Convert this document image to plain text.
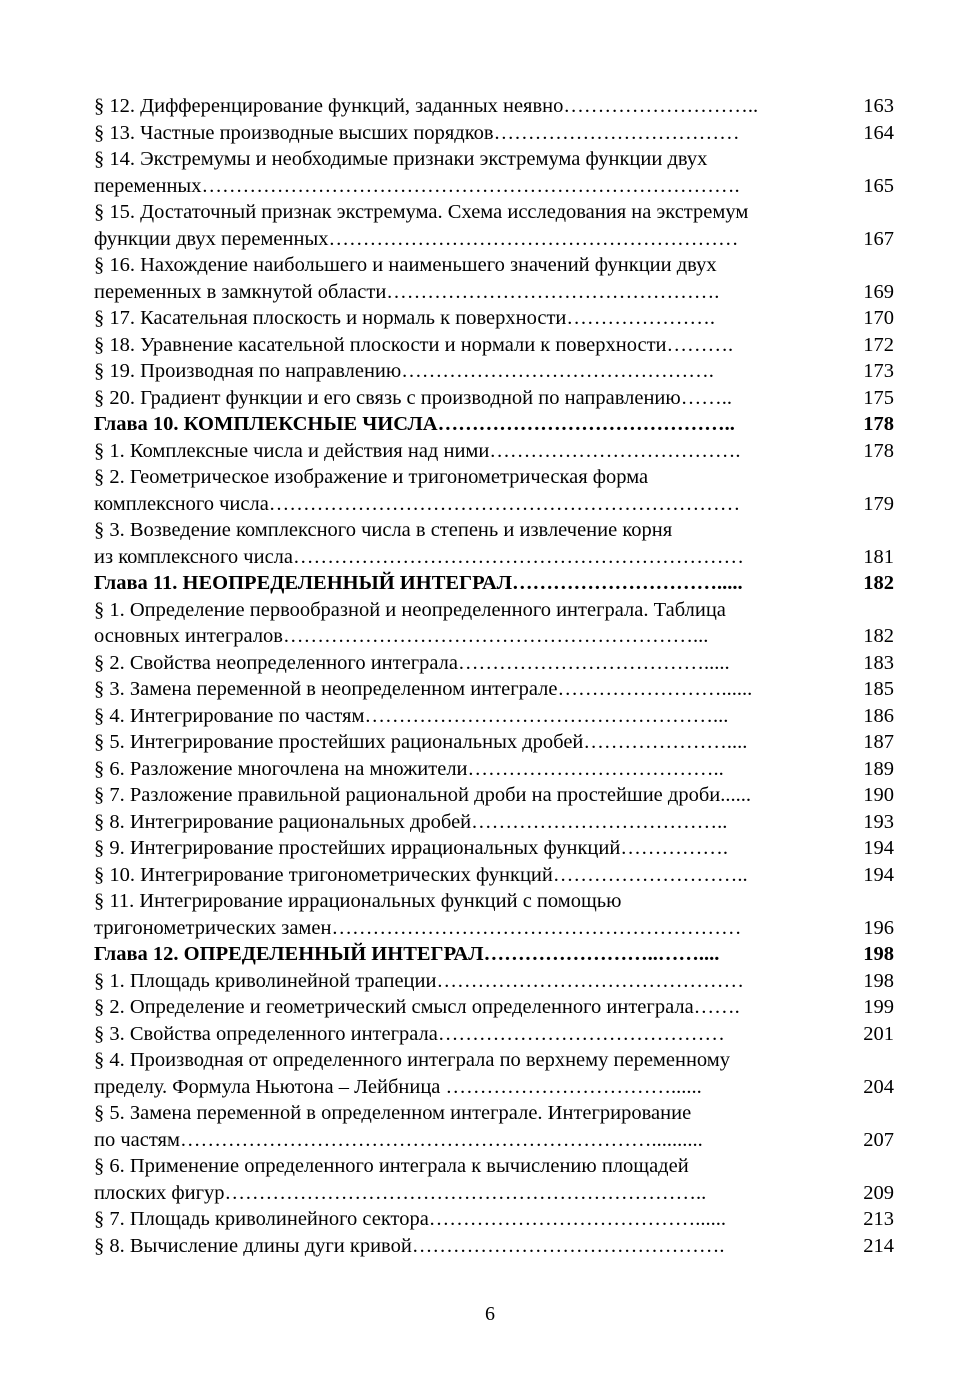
§ 12. Дифференцирование функций, заданных неявно………………………..	163
§ 13. Частные производные высших порядков………………………………	164
§ 14. Экстремумы и необходимые признаки экстремума функции двух
переменных…………………………………………………………………….	165
§ 15. Достаточный признак экстремума. Схема исследования на экстремум
функции двух переменных……………………………………………………	167
§ 16. Нахождение наибольшего и наименьшего значений функции двух
переменных в замкнутой области………………………………………….	169
§ 17. Касательная плоскость и нормаль к поверхности………………….	170
§ 18. Уравнение касательной плоскости и нормали к поверхности……….	172
§ 19. Производная по направлению……………………………………….	173
§ 20. Градиент функции и его связь с производной по направлению……..	175
Глава 10. КОМПЛЕКСНЫЕ ЧИСЛА……………………………………..	178
§ 1. Комплексные числа и действия над ними……………………………….	178
§ 2. Геометрическое изображение и тригонометрическая форма
комплексного числа……………………………………………………………	179
§ 3. Возведение комплексного числа в степень и извлечение корня
из комплексного числа…………………………………………………………	181
Глава 11. НЕОПРЕДЕЛЕННЫЙ ИНТЕГРАЛ………………………….....	182
§ 1. Определение первообразной и неопределенного интеграла. Таблица
основных интегралов……………………………………………………...	182
§ 2. Свойства неопределенного интеграла……………………………….....	183
§ 3. Замена переменной в неопределенном интеграле……………………......	185
§ 4. Интегрирование по частям……………………………………………...	186
§ 5. Интегрирование простейших рациональных дробей…………………....	187
§ 6. Разложение многочлена на множители………………………………..	189
§ 7. Разложение правильной рациональной дроби на простейшие дроби......	190
§ 8. Интегрирование рациональных дробей………………………………..	193
§ 9. Интегрирование простейших иррациональных функций…………….	194
§ 10. Интегрирование тригонометрических функций………………………..	194
§ 11. Интегрирование иррациональных функций с помощью
тригонометрических замен……………………………………………………	196
Глава 12. ОПРЕДЕЛЕННЫЙ ИНТЕГРАЛ……………………..……....	198
§ 1. Площадь криволинейной трапеции………………………………………	198
§ 2. Определение и геометрический смысл определенного интеграла…….	199
§ 3. Свойства определенного интеграла……………………………………	201
§ 4. Производная от определенного интеграла по верхнему переменному
пределу. Формула Ньютона – Лейбница ……………………………......	204
§ 5. Замена переменной в определенном интеграле. Интегрирование
по частям……………………………………………………………..........	207
§ 6. Применение определенного интеграла к вычислению площадей
плоских фигур……………………………………………………………..	209
§ 7. Площадь криволинейного сектора…………………………………......	213
§ 8. Вычисление длины дуги кривой……………………………………….	214
6
